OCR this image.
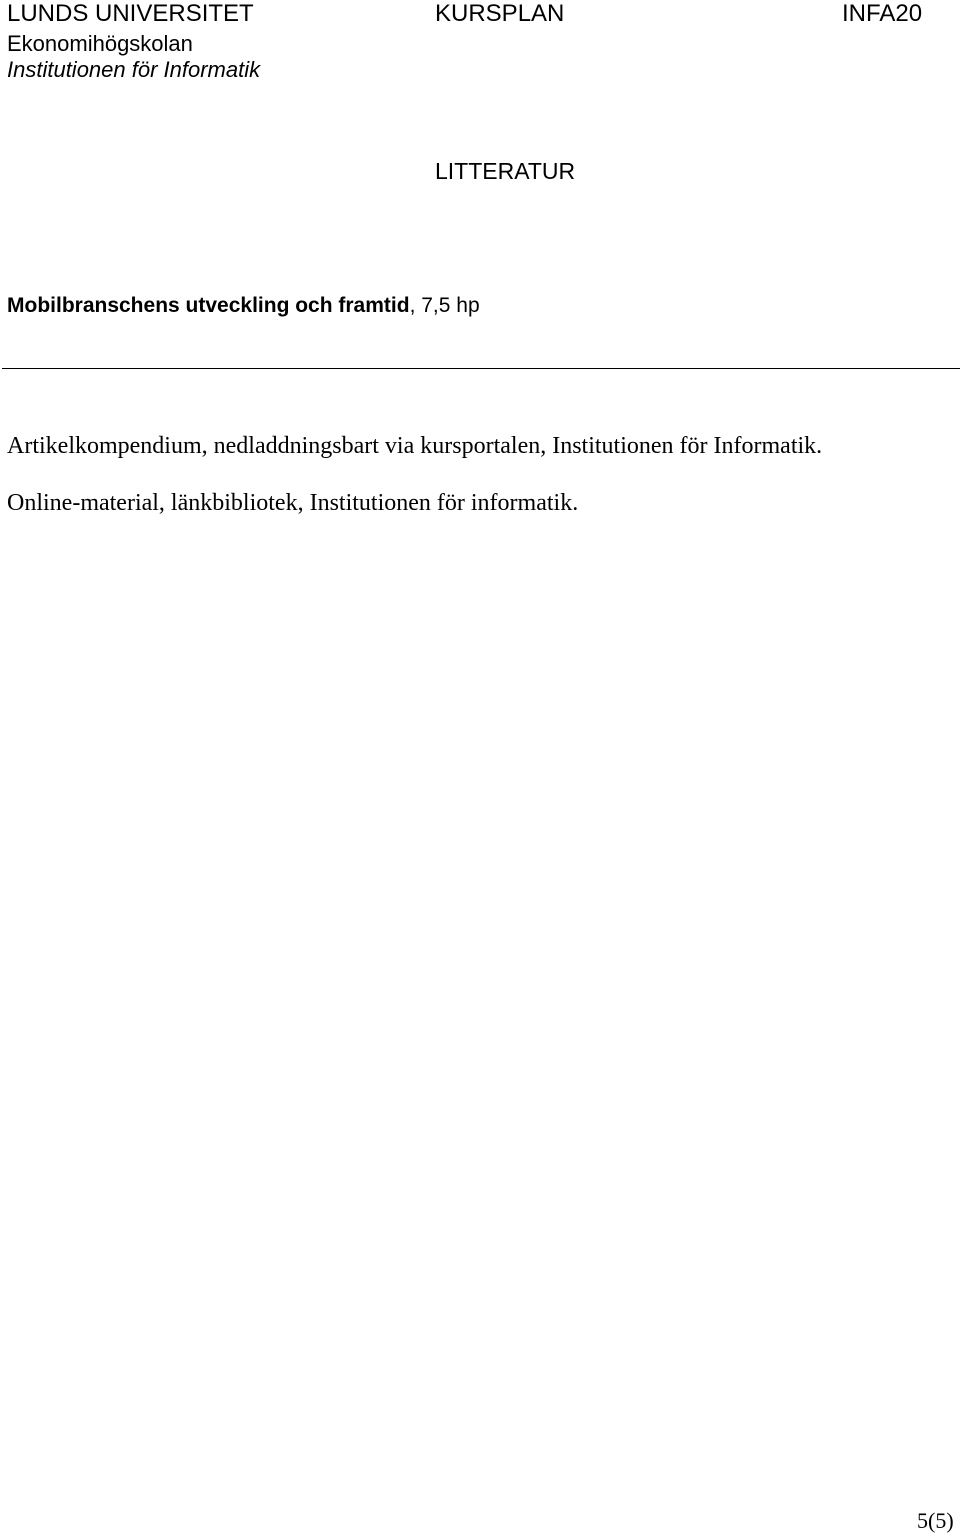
LUNDS UNIVERSITET	KURSPLAN	INFA20
Ekonomihögskolan
Institutionen för Informatik
LITTERATUR
Mobilbranschens utveckling och framtid, 7,5 hp
Artikelkompendium, nedladdningsbart via kursportalen, Institutionen för Informatik.
Online-material, länkbibliotek, Institutionen för informatik.
5(5)
